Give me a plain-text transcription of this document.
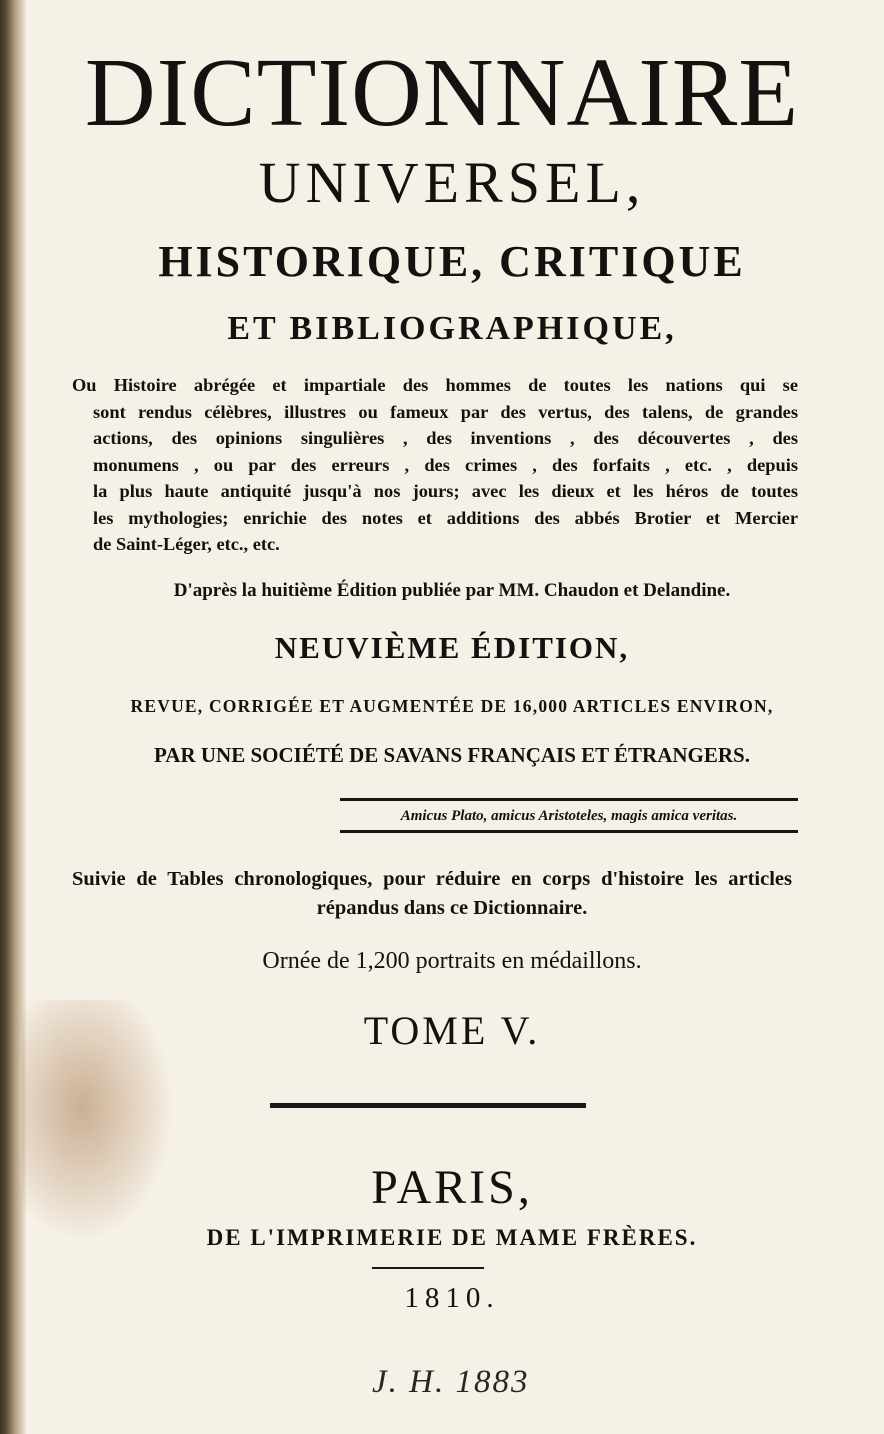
DICTIONNAIRE
UNIVERSEL,
HISTORIQUE, CRITIQUE
ET BIBLIOGRAPHIQUE,
Ou Histoire abrégée et impartiale des hommes de toutes les nations qui se
sont rendus célèbres, illustres ou fameux par des vertus, des talens, de grandes
actions, des opinions singulières , des inventions , des découvertes , des
monumens , ou par des erreurs , des crimes , des forfaits , etc. , depuis
la plus haute antiquité jusqu'à nos jours; avec les dieux et les héros de toutes
les mythologies; enrichie des notes et additions des abbés Brotier et Mercier
de Saint-Léger, etc., etc.
D'après la huitième Édition publiée par MM. Chaudon et Delandine.
NEUVIÈME ÉDITION,
REVUE, CORRIGÉE ET AUGMENTÉE DE 16,000 ARTICLES ENVIRON,
PAR UNE SOCIÉTÉ DE SAVANS FRANÇAIS ET ÉTRANGERS.
Amicus Plato, amicus Aristoteles, magis amica veritas.
Suivie de Tables chronologiques, pour réduire en corps d'histoire les articles
répandus dans ce Dictionnaire.
Ornée de 1,200 portraits en médaillons.
TOME V.
PARIS,
DE L'IMPRIMERIE DE MAME FRÈRES.
1810.
J. H. 1883
